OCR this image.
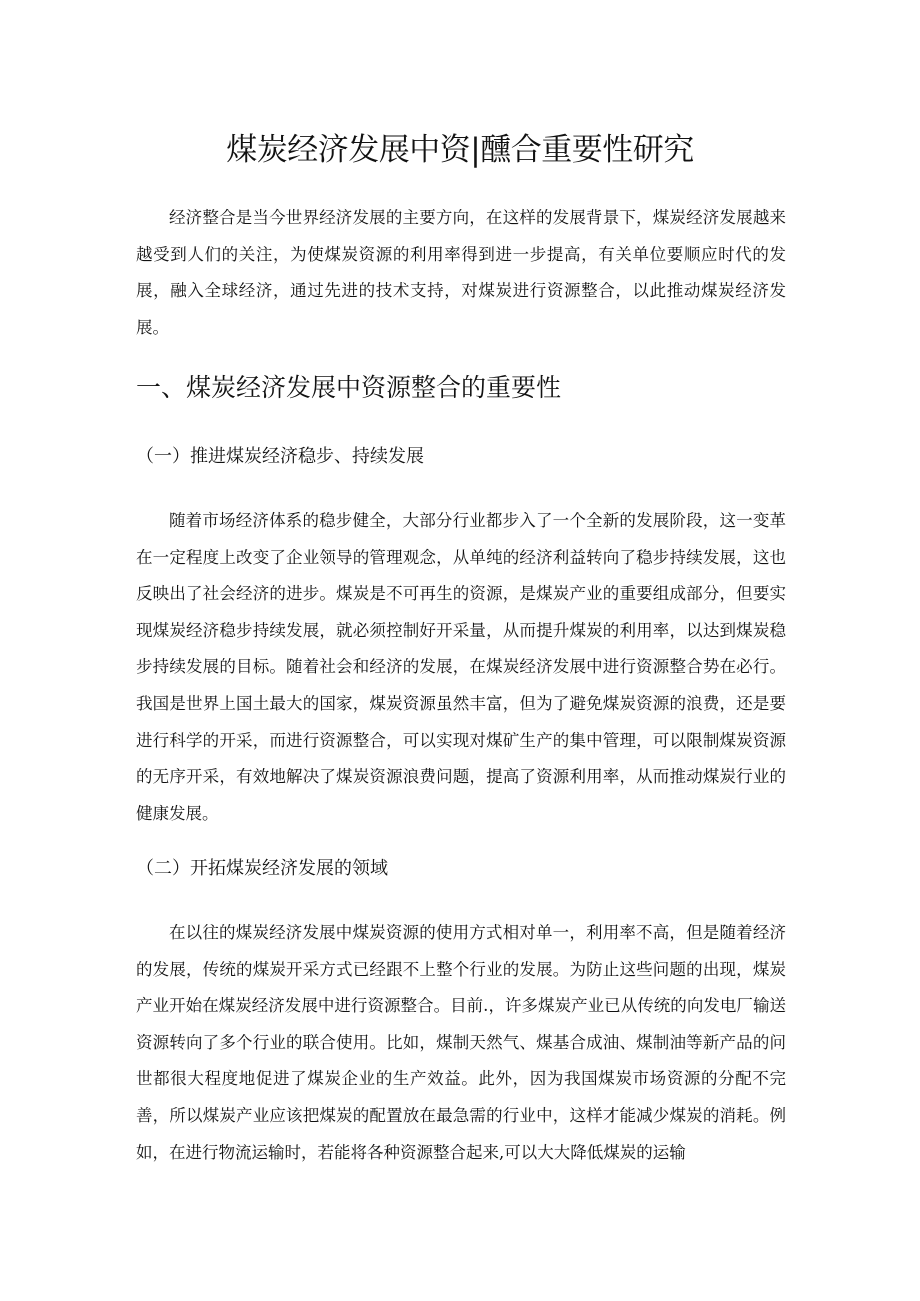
煤炭经济发展中资|醺合重要性研究

经济整合是当今世界经济发展的主要方向，在这样的发展背景下，煤炭经济发展越来越受到人们的关注，为使煤炭资源的利用率得到进一步提高，有关单位要顺应时代的发展，融入全球经济，通过先进的技术支持，对煤炭进行资源整合，以此推动煤炭经济发展。

一、煤炭经济发展中资源整合的重要性
（一）推进煤炭经济稳步、持续发展

随着市场经济体系的稳步健全，大部分行业都步入了一个全新的发展阶段，这一变革在一定程度上改变了企业领导的管理观念，从单纯的经济利益转向了稳步持续发展，这也反映出了社会经济的进步。煤炭是不可再生的资源，是煤炭产业的重要组成部分，但要实现煤炭经济稳步持续发展，就必须控制好开采量，从而提升煤炭的利用率，以达到煤炭稳步持续发展的目标。随着社会和经济的发展，在煤炭经济发展中进行资源整合势在必行。我国是世界上国土最大的国家，煤炭资源虽然丰富，但为了避免煤炭资源的浪费，还是要进行科学的开采，而进行资源整合，可以实现对煤矿生产的集中管理，可以限制煤炭资源的无序开采，有效地解决了煤炭资源浪费问题，提高了资源利用率，从而推动煤炭行业的健康发展。

（二）开拓煤炭经济发展的领域

在以往的煤炭经济发展中煤炭资源的使用方式相对单一，利用率不高，但是随着经济的发展，传统的煤炭开采方式已经跟不上整个行业的发展。为防止这些问题的出现，煤炭产业开始在煤炭经济发展中进行资源整合。目前.，许多煤炭产业已从传统的向发电厂输送资源转向了多个行业的联合使用。比如，煤制天然气、煤基合成油、煤制油等新产品的问世都很大程度地促进了煤炭企业的生产效益。此外，因为我国煤炭市场资源的分配不完善，所以煤炭产业应该把煤炭的配置放在最急需的行业中，这样才能减少煤炭的消耗。例如，在进行物流运输时，若能将各种资源整合起来,可以大大降低煤炭的运输
